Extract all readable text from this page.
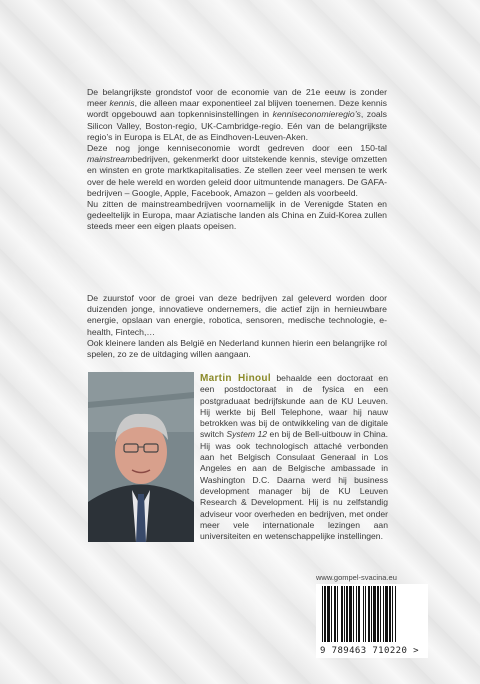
De belangrijkste grondstof voor de economie van de 21e eeuw is zonder meer kennis, die alleen maar exponentieel zal blijven toenemen. Deze kennis wordt opgebouwd aan topkennisinstellingen in kenniseconomieregio’s, zoals Silicon Valley, Boston-regio, UK-Cambridge-regio. Eén van de belangrijkste regio’s in Europa is ELAt, de as Eindhoven-Leuven-Aken.

Deze nog jonge kenniseconomie wordt gedreven door een 150-tal mainstreambedrijven, gekenmerkt door uitstekende kennis, stevige omzetten en winsten en grote marktkapitalisaties. Ze stellen zeer veel mensen te werk over de hele wereld en worden geleid door uitmuntende managers. De GAFA-bedrijven – Google, Apple, Facebook, Amazon – gelden als voorbeeld.

Nu zitten de mainstreambedrijven voornamelijk in de Verenigde Staten en gedeeltelijk in Europa, maar Aziatische landen als China en Zuid-Korea zullen steeds meer een eigen plaats opeisen.

De zuurstof voor de groei van deze bedrijven zal geleverd worden door duizenden jonge, innovatieve ondernemers, die actief zijn in hernieuwbare energie, opslaan van energie, robotica, sensoren, medische technologie, e-health, Fintech,…

Ook kleinere landen als België en Nederland kunnen hierin een belangrijke rol spelen, zo ze de uitdaging willen aangaan.

Martin Hinoul behaalde een doctoraat en een postdoctoraat in de fysica en een postgraduaat bedrijfskunde aan de KU Leuven. Hij werkte bij Bell Telephone, waar hij nauw betrokken was bij de ontwikkeling van de digitale switch System 12 en bij de Bell-uitbouw in China. Hij was ook technologisch attaché verbonden aan het Belgisch Consulaat Generaal in Los Angeles en aan de Belgische ambassade in Washington D.C. Daarna werd hij business development manager bij de KU Leuven Research & Development. Hij is nu zelfstandig adviseur voor overheden en bedrijven, met onder meer vele internationale lezingen aan universiteiten en wetenschappelijke instellingen.
www.gompel-svacina.eu
9 789463 710220 >
